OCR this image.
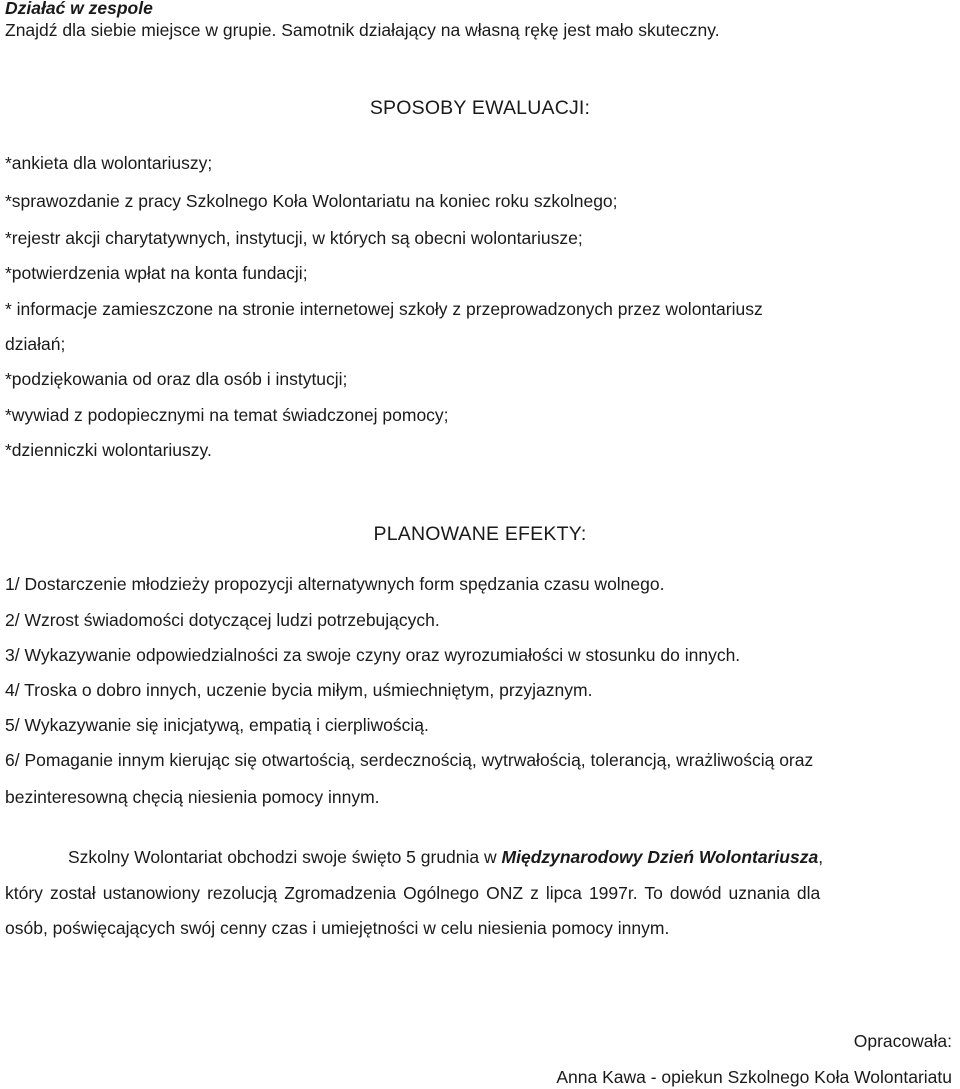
Działać w zespole
Znajdź dla siebie miejsce w grupie. Samotnik działający na własną rękę jest mało skuteczny.
SPOSOBY EWALUACJI:
*ankieta dla wolontariuszy;
*sprawozdanie z pracy Szkolnego Koła Wolontariatu na koniec roku szkolnego;
*rejestr akcji charytatywnych, instytucji, w których są obecni wolontariusze;
*potwierdzenia wpłat na konta fundacji;
* informacje zamieszczone na stronie internetowej szkoły z przeprowadzonych przez wolontariusz
działań;
*podziękowania od oraz dla osób i instytucji;
*wywiad z podopiecznymi na temat świadczonej pomocy;
*dzienniczki wolontariuszy.
PLANOWANE EFEKTY:
1/ Dostarczenie młodzieży propozycji alternatywnych form spędzania czasu wolnego.
2/ Wzrost świadomości dotyczącej ludzi potrzebujących.
3/ Wykazywanie odpowiedzialności za swoje czyny oraz wyrozumiałości w stosunku do innych.
4/ Troska o dobro innych, uczenie bycia miłym, uśmiechniętym, przyjaznym.
5/ Wykazywanie się inicjatywą, empatią i cierpliwością.
6/ Pomaganie innym kierując się otwartością, serdecznością, wytrwałością, tolerancją, wrażliwością oraz
bezinteresowną chęcią niesienia pomocy innym.
Szkolny Wolontariat obchodzi swoje święto 5 grudnia w Międzynarodowy Dzień Wolontariusza,
który został ustanowiony rezolucją Zgromadzenia Ogólnego ONZ z lipca 1997r. To dowód uznania dla
osób, poświęcających swój cenny czas i umiejętności w celu niesienia pomocy innym.
Opracowała:
Anna Kawa - opiekun Szkolnego Koła Wolontariatu
